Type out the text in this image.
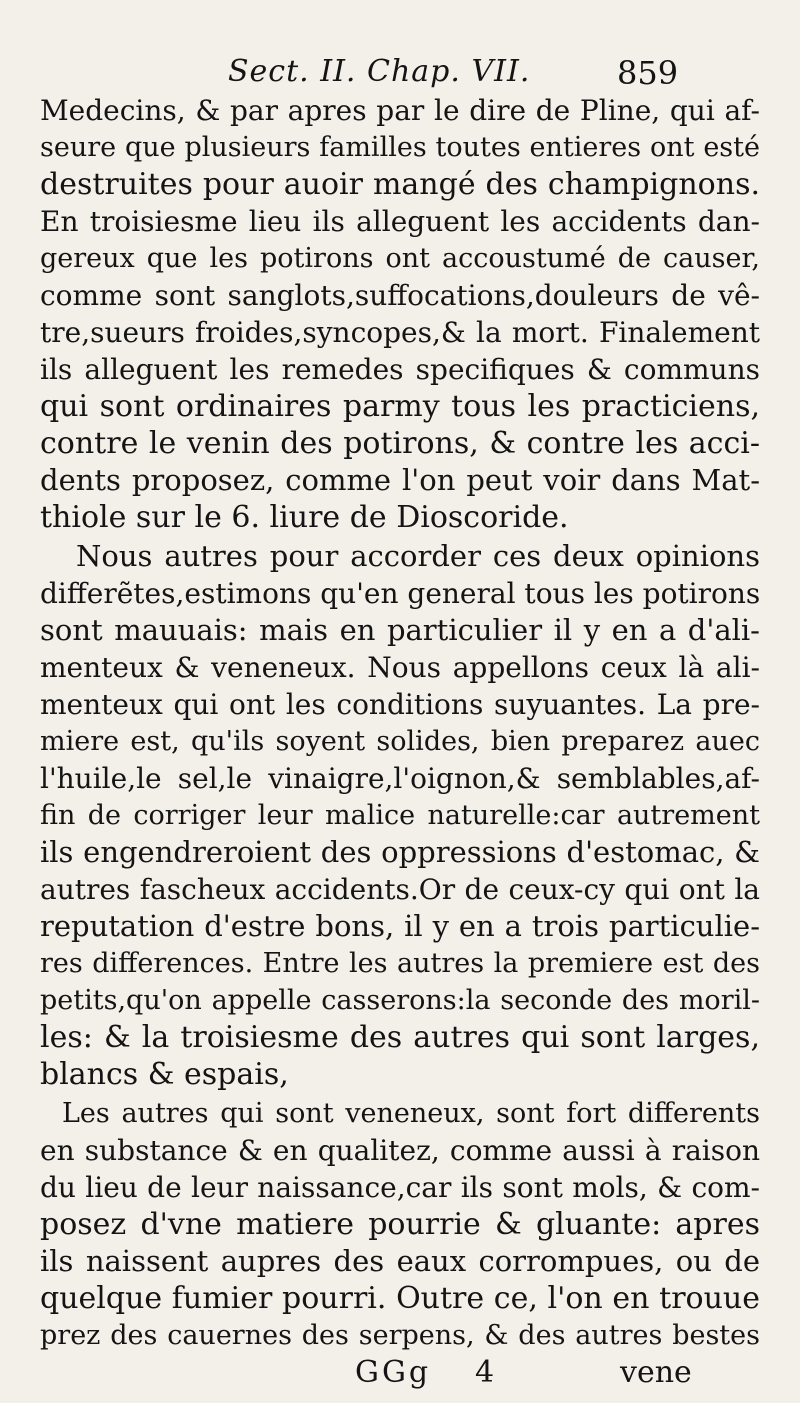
Sect. II. Chap. VII.	859
Medecins, & par apres par le dire de Pline, qui af-
seure que plusieurs familles toutes entieres ont esté
destruites pour auoir mangé des champignons.
En troisiesme lieu ils alleguent les accidents dan-
gereux que les potirons ont accoustumé de causer,
comme sont sanglots,suffocations,douleurs de vê-
tre,sueurs froides,syncopes,& la mort. Finalement
ils alleguent les remedes specifiques & communs
qui sont ordinaires parmy tous les practiciens,
contre le venin des potirons, & contre les acci-
dents proposez, comme l'on peut voir dans Mat-
thiole sur le 6. liure de Dioscoride.
Nous autres pour accorder ces deux opinions
differẽtes,estimons qu'en general tous les potirons
sont mauuais: mais en particulier il y en a d'ali-
menteux & veneneux. Nous appellons ceux là ali-
menteux qui ont les conditions suyuantes. La pre-
miere est, qu'ils soyent solides, bien preparez auec
l'huile,le sel,le vinaigre,l'oignon,& semblables,af-
fin de corriger leur malice naturelle:car autrement
ils engendreroient des oppressions d'estomac, &
autres fascheux accidents.Or de ceux-cy qui ont la
reputation d'estre bons, il y en a trois particulie-
res differences. Entre les autres la premiere est des
petits,qu'on appelle casserons:la seconde des moril-
les: & la troisiesme des autres qui sont larges,
blancs & espais,
Les autres qui sont veneneux, sont fort differents
en substance & en qualitez, comme aussi à raison
du lieu de leur naissance,car ils sont mols, & com-
posez d'vne matiere pourrie & gluante: apres
ils naissent aupres des eaux corrompues, ou de
quelque fumier pourri. Outre ce, l'on en trouue
prez des cauernes des serpens, & des autres bestes
GGg 4	vene
